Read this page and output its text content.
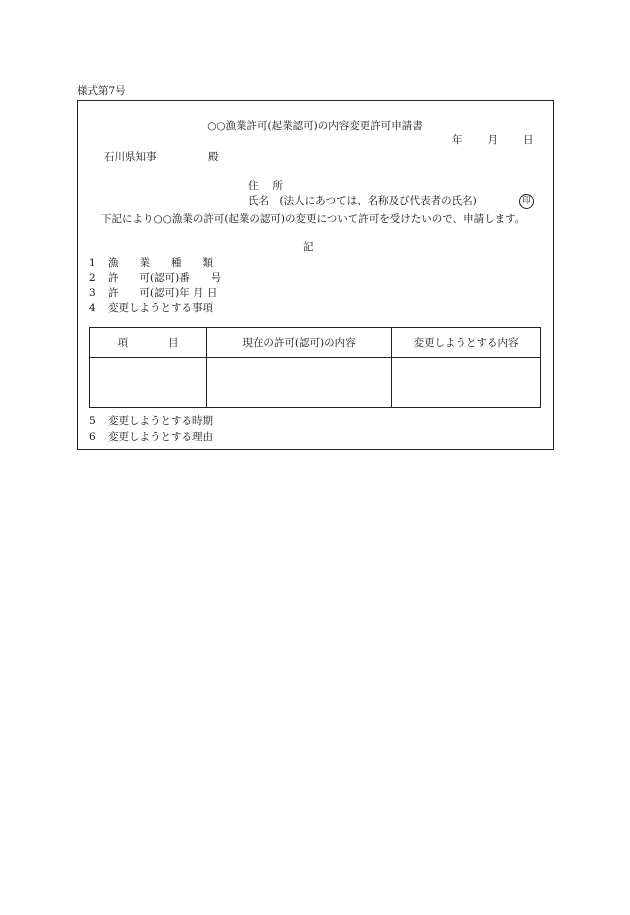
様式第7号
○○漁業許可(起業認可)の内容変更許可申請書
年 月 日
石川県知事	殿
住 所
氏名　(法人にあつては、名称及び代表者の氏名)	印
下記により○○漁業の許可(起業の認可)の変更について許可を受けたいので、申請します。
記
1 漁　　業　　種　　類
2 許　　可(認可)番　　号
3 許　　可(認可)年 月 日
4 変更しようとする事項
項 目	現在の許可(認可)の内容	変更しようとする内容

5 変更しようとする時期
6 変更しようとする理由
